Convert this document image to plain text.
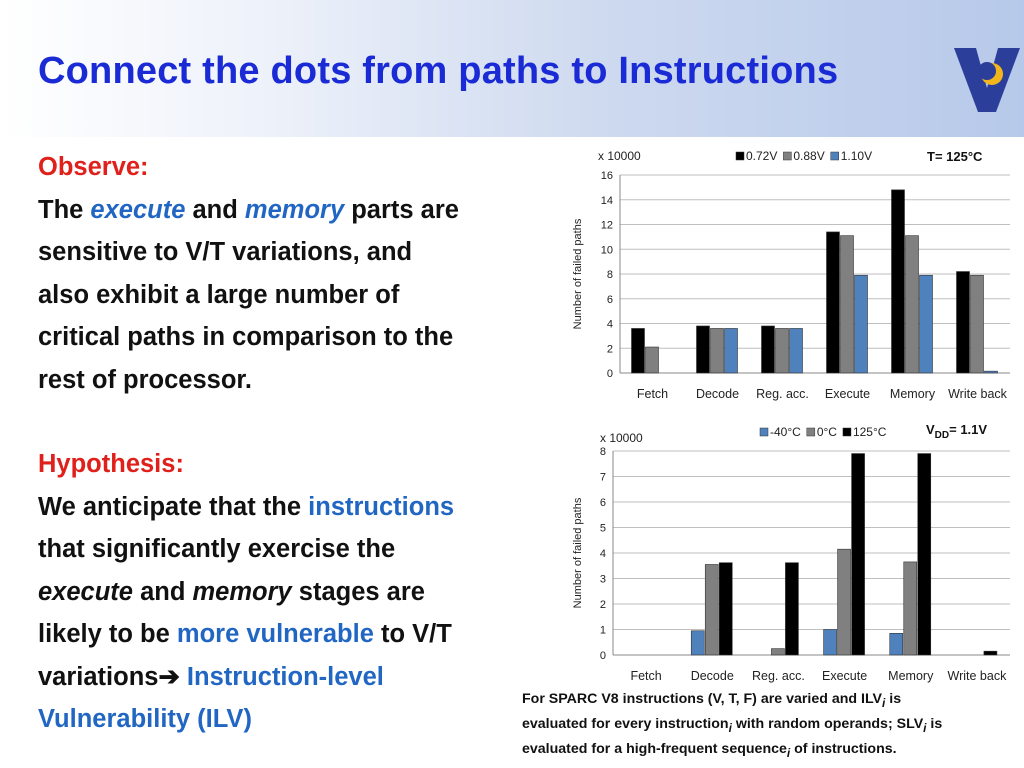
Connect the dots from paths to Instructions

Observe:

The execute and memory parts are

sensitive to V/T variations, and

also exhibit a large number of

critical paths in comparison to the

rest of processor.

Hypothesis:

We anticipate that the instructions

that significantly exercise the

execute and memory stages are

likely to be more vulnerable to V/T

variations➔ Instruction-level

Vulnerability (ILV)

0
2
4
6
8
10
12
14
16
Fetch Decode Reg. acc. Execute Memory Write back
Number of failed paths
x 10000	0.72V 0.88V 1.10V	T= 125°C
0
1
2
3
4
5
6
7
8
Fetch Decode Reg. acc. Execute Memory Write back
Number of failed paths
x 10000	-40°C 0°C 125°C	$V_{DD}= 1.1V$
For SPARC V8 instructions (V, T, F) are varied and $ILV_i$ is
evaluated for every instruction$_i$ with random operands; $SLV_i$ is
evaluated for a high-frequent sequence$_i$ of instructions.
